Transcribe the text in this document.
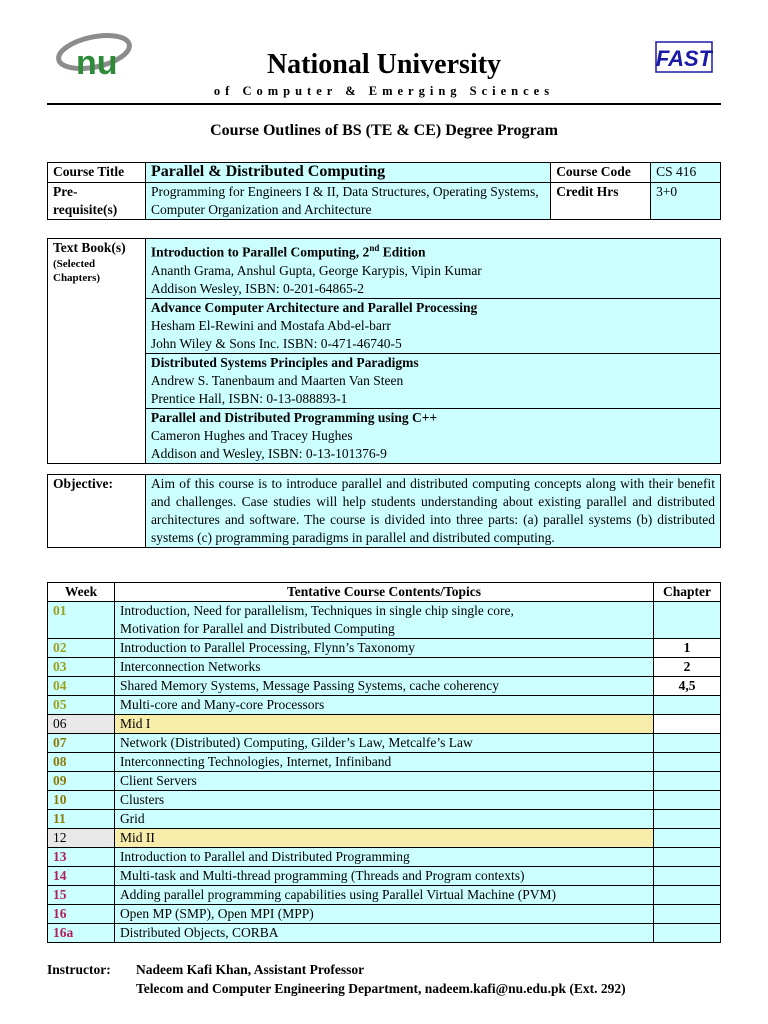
nu	FAST
National University
of Computer & Emerging Sciences
Course Outlines of BS (TE & CE) Degree Program
Course Title	Parallel & Distributed Computing	Course Code	CS 416
Pre-
requisite(s)	Programming for Engineers I & II, Data Structures, Operating Systems, Computer Organization and Architecture	Credit Hrs	3+0
Text Book(s)
(Selected Chapters)

Introduction to Parallel Computing, 2nd Edition
Ananth Grama, Anshul Gupta, George Karypis, Vipin Kumar
Addison Wesley, ISBN: 0-201-64865-2

Advance Computer Architecture and Parallel Processing
Hesham El-Rewini and Mostafa Abd-el-barr
John Wiley & Sons Inc. ISBN: 0-471-46740-5

Distributed Systems Principles and Paradigms
Andrew S. Tanenbaum and Maarten Van Steen
Prentice Hall, ISBN: 0-13-088893-1

Parallel and Distributed Programming using C++
Cameron Hughes and Tracey Hughes
Addison and Wesley, ISBN: 0-13-101376-9
Objective:	Aim of this course is to introduce parallel and distributed computing concepts along with their benefit and challenges. Case studies will help students understanding about existing parallel and distributed architectures and software. The course is divided into three parts: (a) parallel systems (b) distributed systems (c) programming paradigms in parallel and distributed computing.
Week	Tentative Course Contents/Topics	Chapter
01	Introduction, Need for parallelism, Techniques in single chip single core,
Motivation for Parallel and Distributed Computing	
02	Introduction to Parallel Processing, Flynn’s Taxonomy	1
03	Interconnection Networks	2
04	Shared Memory Systems, Message Passing Systems, cache coherency	4,5
05	Multi-core and Many-core Processors	
06	Mid I	
07	Network (Distributed) Computing, Gilder’s Law, Metcalfe’s Law	
08	Interconnecting Technologies, Internet, Infiniband	
09	Client Servers	
10	Clusters	
11	Grid	
12	Mid II	
13	Introduction to Parallel and Distributed Programming	
14	Multi-task and Multi-thread programming (Threads and Program contexts)	
15	Adding parallel programming capabilities using Parallel Virtual Machine (PVM)	
16	Open MP (SMP), Open MPI (MPP)	
16a	Distributed Objects, CORBA	
Instructor: Nadeem Kafi Khan, Assistant Professor
Telecom and Computer Engineering Department, nadeem.kafi@nu.edu.pk (Ext. 292)
